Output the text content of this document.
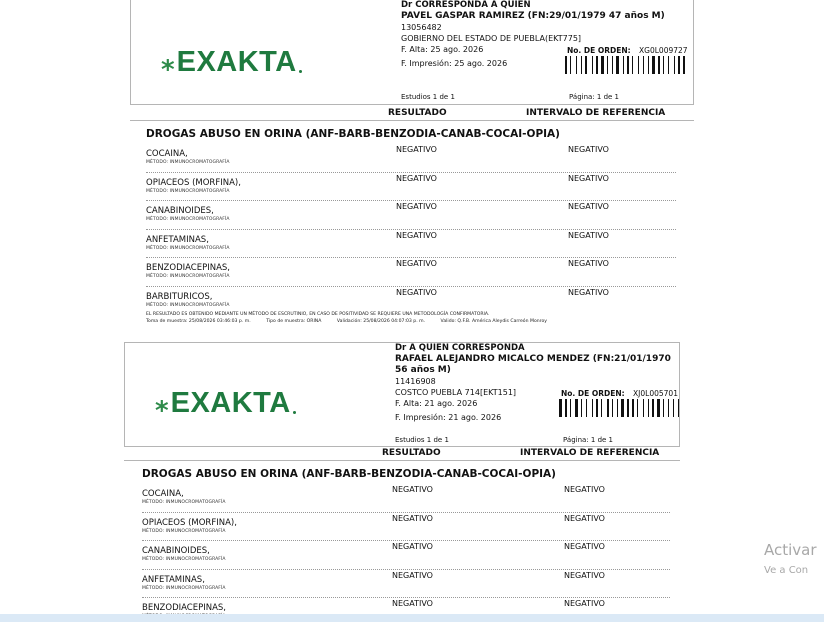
⁎ EXAKTA
Dr CORRESPONDA A QUIEN
PAVEL GASPAR RAMIREZ (FN:29/01/1979 47 años M)
13056482
GOBIERNO DEL ESTADO DE PUEBLA(EKT775]
F. Alta: 25 ago. 2026
F. Impresión: 25 ago. 2026
No. DE ORDEN: XG0L009727
Estudios 1 de 1	Página: 1 de 1
RESULTADO	INTERVALO DE REFERENCIA
DROGAS ABUSO EN ORINA (ANF-BARB-BENZODIA-CANAB-COCAI-OPIA)
COCAINA,
MÉTODO: INMUNOCROMATOGRAFÍA
NEGATIVO	NEGATIVO
OPIACEOS (MORFINA),
MÉTODO: INMUNOCROMATOGRAFÍA
NEGATIVO	NEGATIVO
CANABINOIDES,
MÉTODO: INMUNOCROMATOGRAFÍA
NEGATIVO	NEGATIVO
ANFETAMINAS,
MÉTODO: INMUNOCROMATOGRAFÍA
NEGATIVO	NEGATIVO
BENZODIACEPINAS,
MÉTODO: INMUNOCROMATOGRAFÍA
NEGATIVO	NEGATIVO
BARBITURICOS,
MÉTODO: INMUNOCROMATOGRAFÍA
NEGATIVO	NEGATIVO
EL RESULTADO ES OBTENIDO MEDIANTE UN MÉTODO DE ESCRUTINIO, EN CASO DE POSITIVIDAD SE REQUIERE UNA METODOLOGÍA CONFIRMATORIA.
Toma de muestra: 25/08/2026 03:46:03 p. m.	Tipo de muestra: ORINA	Validación: 25/08/2026 04:07:03 p. m.	Valido: Q.F.B. América Aleydis Carreón Monroy
⁎ EXAKTA
Dr A QUIEN CORRESPONDA
RAFAEL ALEJANDRO MICALCO MENDEZ (FN:21/01/1970 56 años M)
11416908
COSTCO PUEBLA 714[EKT151]
F. Alta: 21 ago. 2026
F. Impresión: 21 ago. 2026
No. DE ORDEN: XJ0L005701
Estudios 1 de 1	Página: 1 de 1
RESULTADO	INTERVALO DE REFERENCIA
DROGAS ABUSO EN ORINA (ANF-BARB-BENZODIA-CANAB-COCAI-OPIA)
COCAINA,
MÉTODO: INMUNOCROMATOGRAFÍA
NEGATIVO	NEGATIVO
OPIACEOS (MORFINA),
MÉTODO: INMUNOCROMATOGRAFÍA
NEGATIVO	NEGATIVO
CANABINOIDES,
MÉTODO: INMUNOCROMATOGRAFÍA
NEGATIVO	NEGATIVO
ANFETAMINAS,
MÉTODO: INMUNOCROMATOGRAFÍA
NEGATIVO	NEGATIVO
BENZODIACEPINAS,	NEGATIVO	NEGATIVO
Activar
Ve a Con
